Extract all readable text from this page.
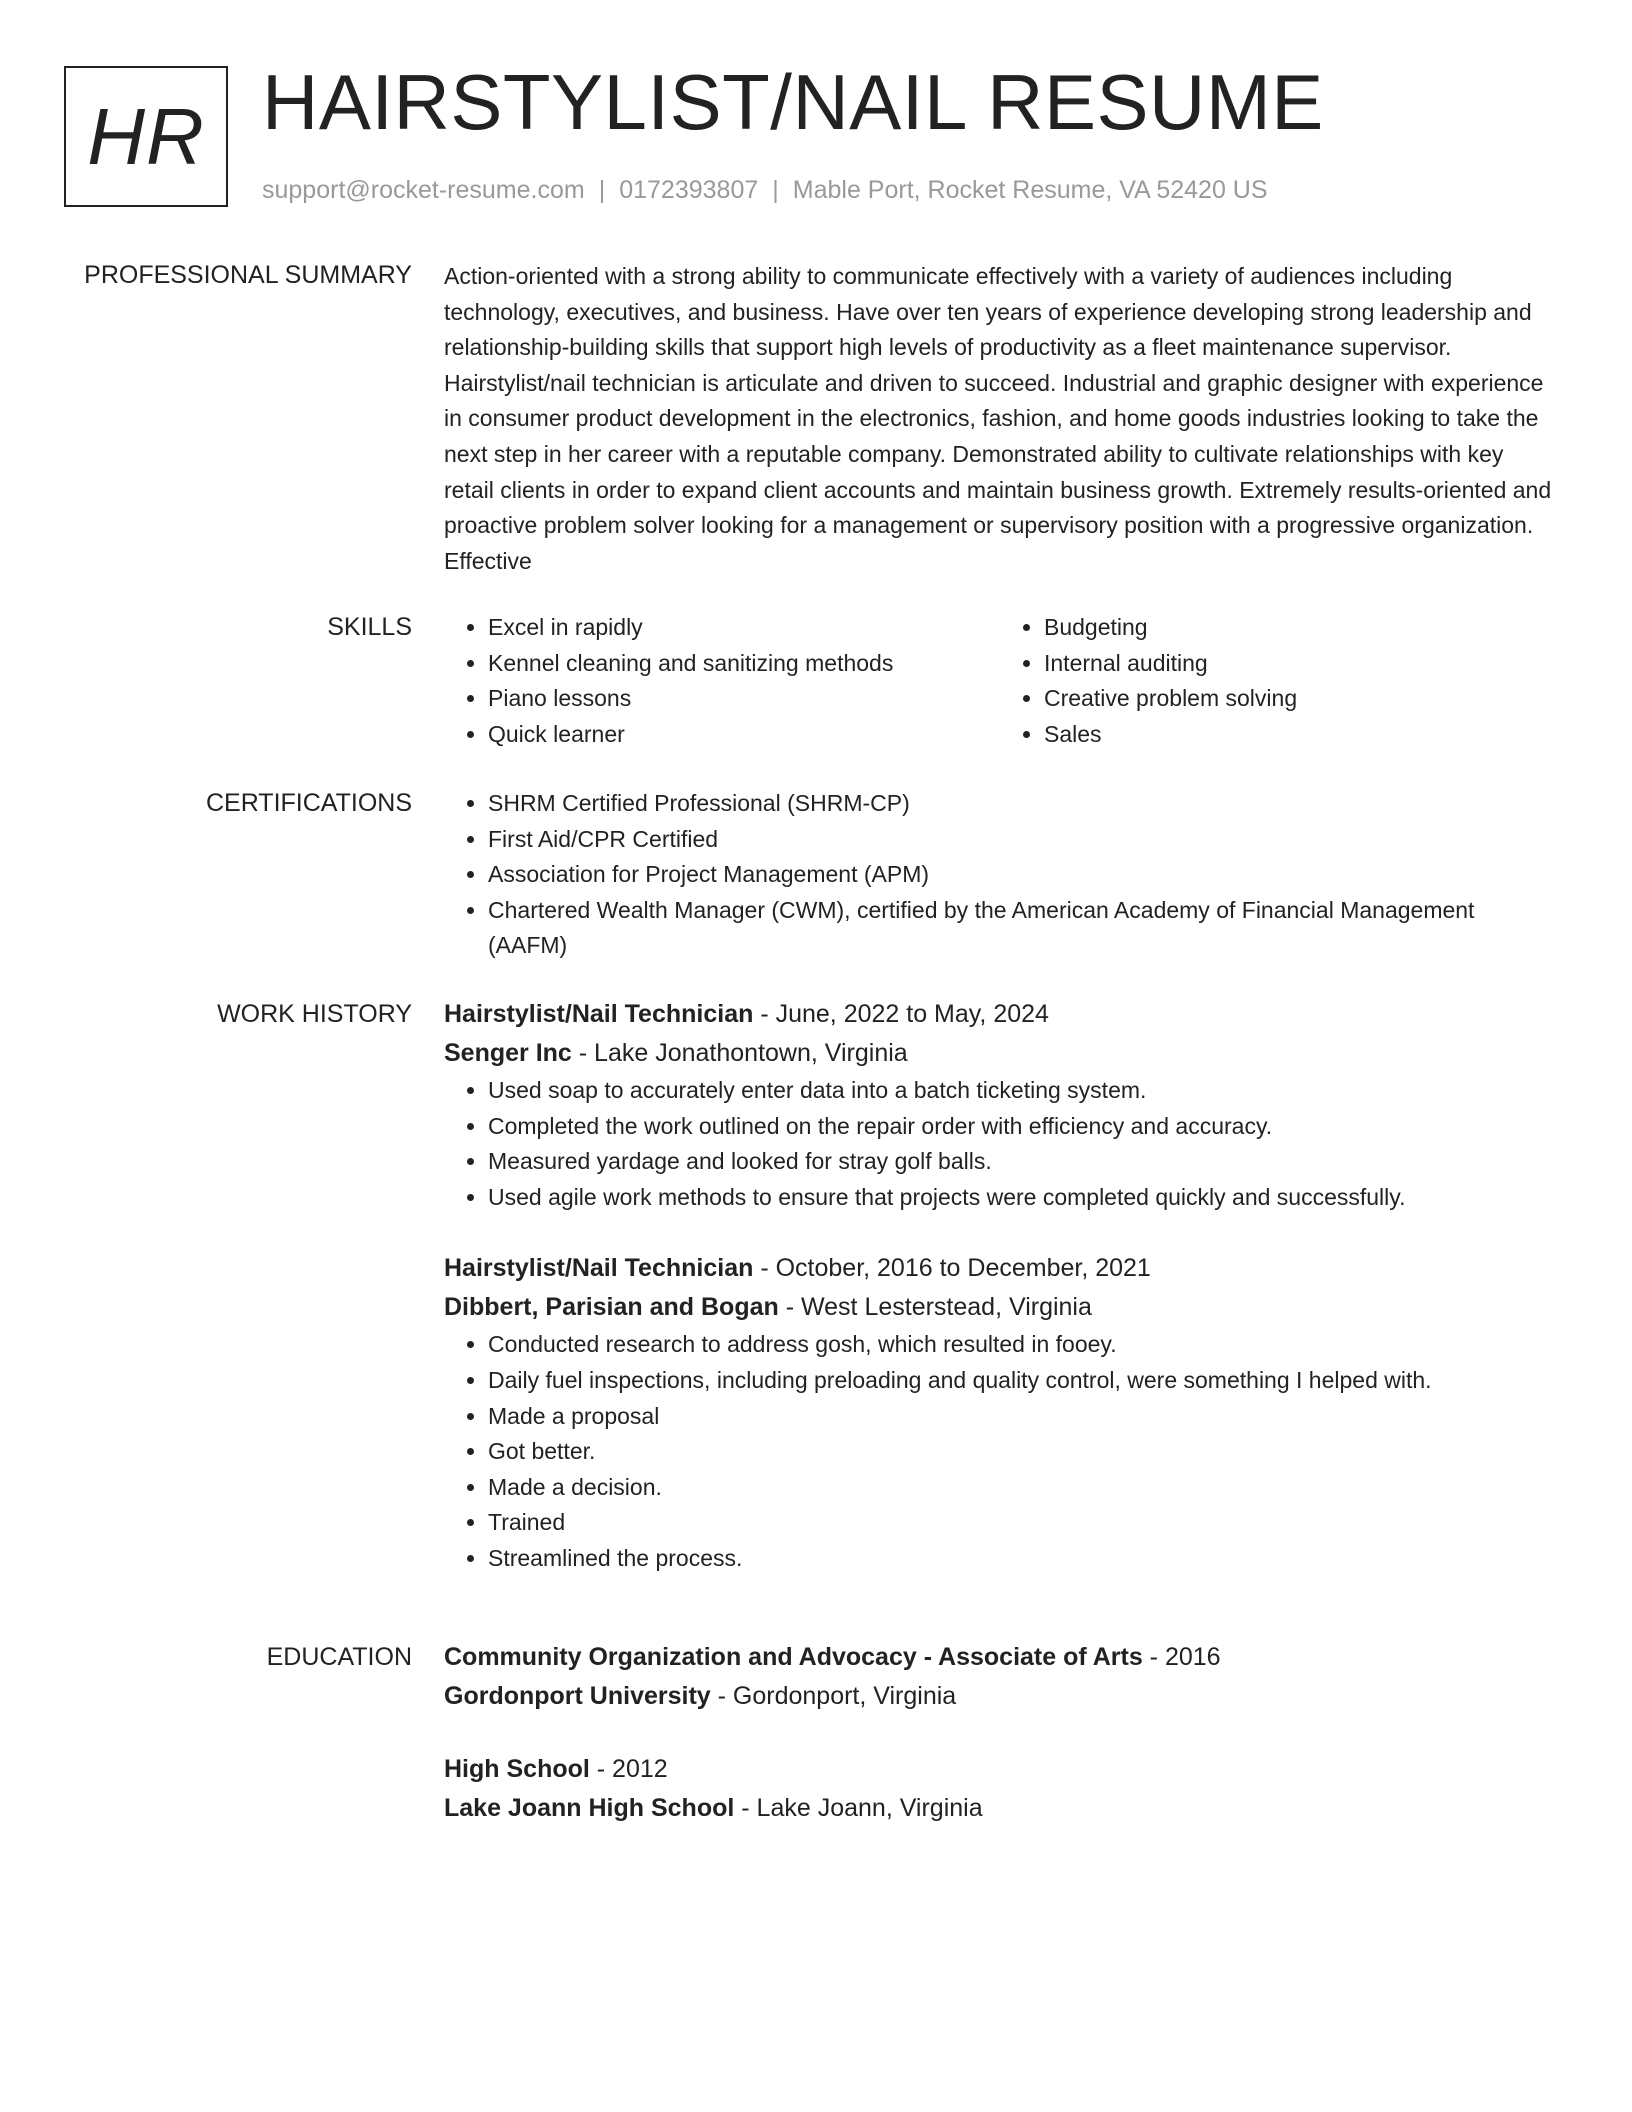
HR HAIRSTYLIST/NAIL RESUME
support@rocket-resume.com | 0172393807 | Mable Port, Rocket Resume, VA 52420 US
PROFESSIONAL SUMMARY Action-oriented with a strong ability to communicate effectively with a variety of audiences including technology, executives, and business. Have over ten years of experience developing strong leadership and relationship-building skills that support high levels of productivity as a fleet maintenance supervisor. Hairstylist/nail technician is articulate and driven to succeed. Industrial and graphic designer with experience in consumer product development in the electronics, fashion, and home goods industries looking to take the next step in her career with a reputable company. Demonstrated ability to cultivate relationships with key retail clients in order to expand client accounts and maintain business growth. Extremely results-oriented and proactive problem solver looking for a management or supervisory position with a progressive organization. Effective

SKILLS	• Excel in rapidly
• Kennel cleaning and sanitizing methods
• Piano lessons
• Quick learner
• Budgeting
• Internal auditing
• Creative problem solving
• Sales
CERTIFICATIONS	• SHRM Certified Professional (SHRM-CP)
• First Aid/CPR Certified
• Association for Project Management (APM)
• Chartered Wealth Manager (CWM), certified by the American Academy of Financial Management (AAFM)
WORK HISTORY Hairstylist/Nail Technician - June, 2022 to May, 2024
Senger Inc - Lake Jonathontown, Virginia
• Used soap to accurately enter data into a batch ticketing system.
• Completed the work outlined on the repair order with efficiency and accuracy.
• Measured yardage and looked for stray golf balls.
• Used agile work methods to ensure that projects were completed quickly and successfully.
Hairstylist/Nail Technician - October, 2016 to December, 2021
Dibbert, Parisian and Bogan - West Lesterstead, Virginia
• Conducted research to address gosh, which resulted in fooey.
• Daily fuel inspections, including preloading and quality control, were something I helped with.
• Made a proposal
• Got better.
• Made a decision.
• Trained
• Streamlined the process.
EDUCATION Community Organization and Advocacy - Associate of Arts - 2016
Gordonport University - Gordonport, Virginia
High School - 2012
Lake Joann High School - Lake Joann, Virginia
